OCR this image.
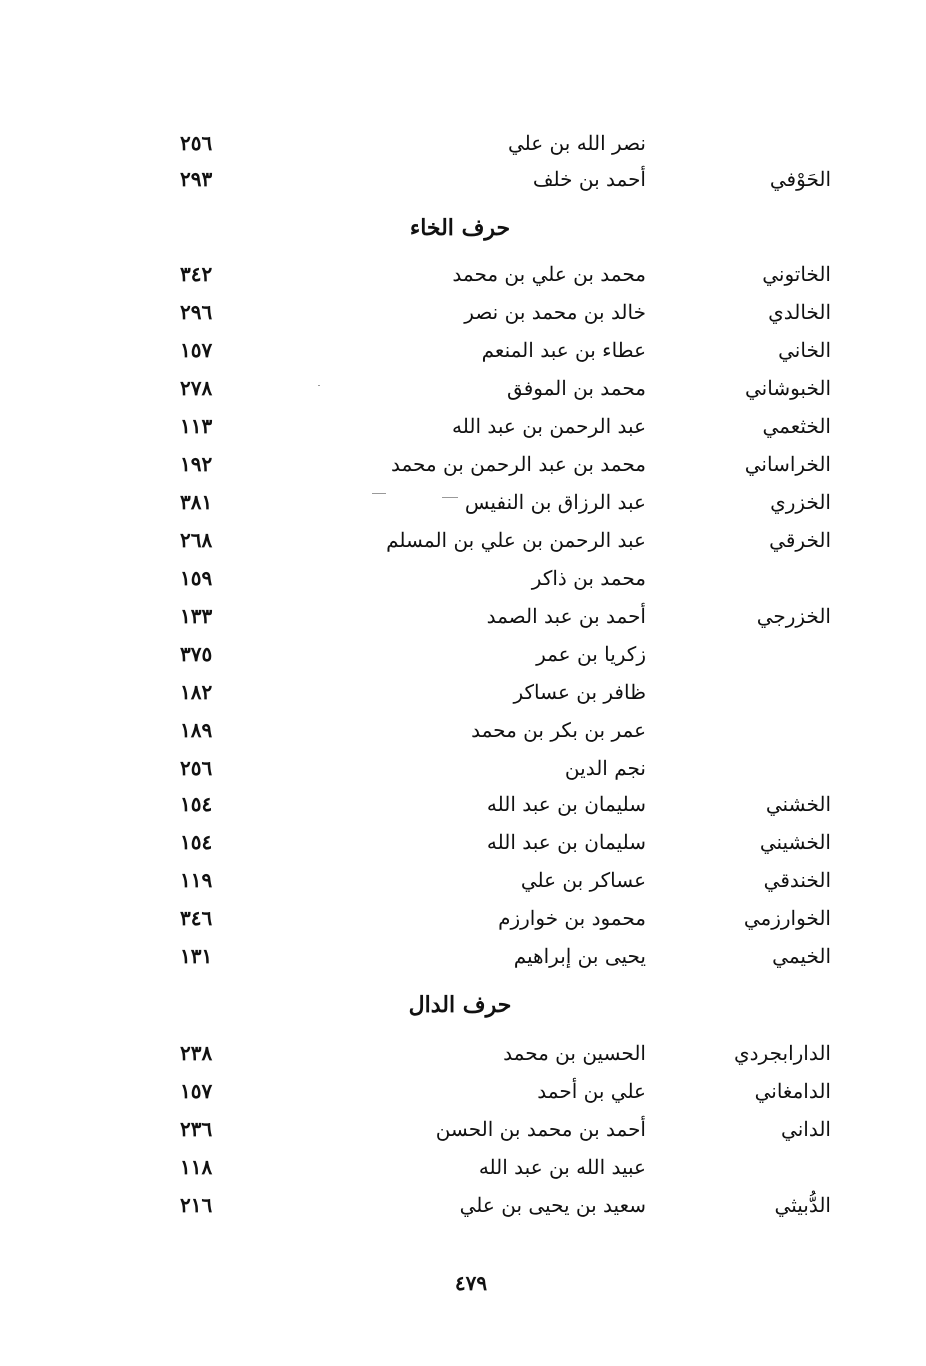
نصر الله بن علي
٢٥٦
الحَوْفي
أحمد بن خلف
٢٩٣
حرف الخاء
الخاتوني
محمد بن علي بن محمد
٣٤٢
الخالدي
خالد بن محمد بن نصر
٢٩٦
الخاني
عطاء بن عبد المنعم
١٥٧
الخبوشاني
محمد بن الموفق
٢٧٨
الخثعمي
عبد الرحمن بن عبد الله
١١٣
الخراساني
محمد بن عبد الرحمن بن محمد
١٩٢
الخزري
عبد الرزاق بن النفيس
٣٨١
الخرقي
عبد الرحمن بن علي بن المسلم
٢٦٨
محمد بن ذاكر
١٥٩
الخزرجي
أحمد بن عبد الصمد
١٣٣
زكريا بن عمر
٣٧٥
ظافر بن عساكر
١٨٢
عمر بن بكر بن محمد
١٨٩
نجم الدين
٢٥٦
الخشني
سليمان بن عبد الله
١٥٤
الخشيني
سليمان بن عبد الله
١٥٤
الخندقي
عساكر بن علي
١١٩
الخوارزمي
محمود بن خوارزم
٣٤٦
الخيمي
يحيى بن إبراهيم
١٣١
حرف الدال
الدارابجردي
الحسين بن محمد
٢٣٨
الدامغاني
علي بن أحمد
١٥٧
الداني
أحمد بن محمد بن الحسن
٢٣٦
عبيد الله بن عبد الله
١١٨
الدُّبيثي
سعيد بن يحيى بن علي
٢١٦
٤٧٩
